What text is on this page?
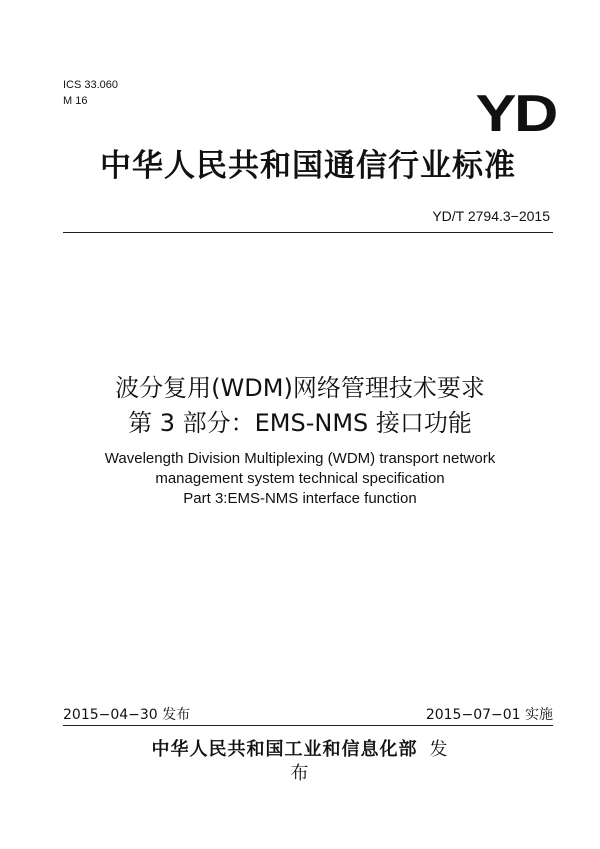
ICS 33.060
M 16	YD
中华人民共和国通信行业标准
YD/T 2794.3−2015
波分复用(WDM)网络管理技术要求
第 3 部分：EMS-NMS 接口功能
Wavelength Division Multiplexing (WDM) transport network
management system technical specification
Part 3:EMS-NMS interface function
2015−04−30 发布	2015−07−01 实施
中华人民共和国工业和信息化部 发 布
